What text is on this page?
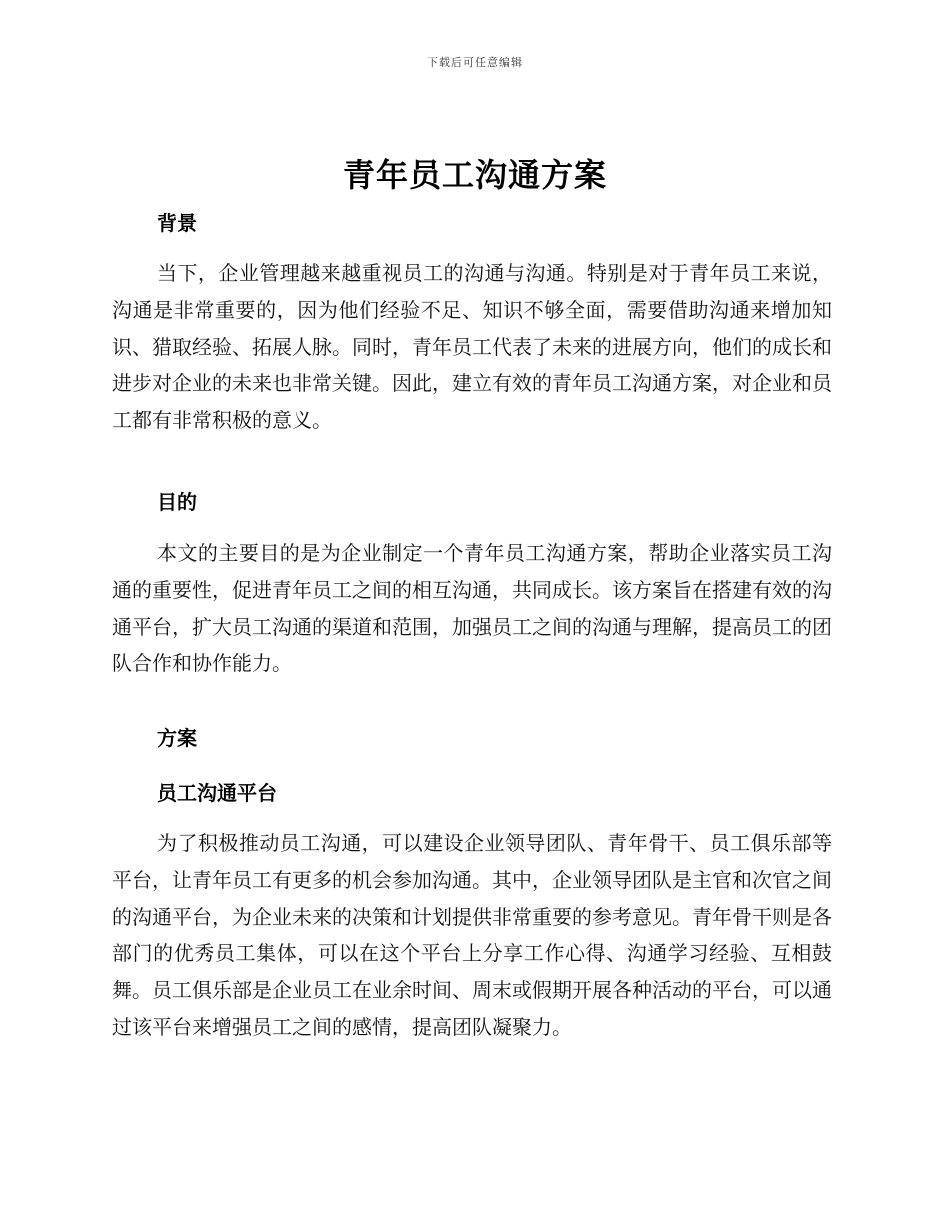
下载后可任意编辑
青年员工沟通方案
背景

当下，企业管理越来越重视员工的沟通与沟通。特别是对于青年员工来说，沟通是非常重要的，因为他们经验不足、知识不够全面，需要借助沟通来增加知识、猎取经验、拓展人脉。同时，青年员工代表了未来的进展方向，他们的成长和进步对企业的未来也非常关键。因此，建立有效的青年员工沟通方案，对企业和员工都有非常积极的意义。

目的

本文的主要目的是为企业制定一个青年员工沟通方案，帮助企业落实员工沟通的重要性，促进青年员工之间的相互沟通，共同成长。该方案旨在搭建有效的沟通平台，扩大员工沟通的渠道和范围，加强员工之间的沟通与理解，提高员工的团队合作和协作能力。

方案
员工沟通平台

为了积极推动员工沟通，可以建设企业领导团队、青年骨干、员工俱乐部等平台，让青年员工有更多的机会参加沟通。其中，企业领导团队是主官和次官之间的沟通平台，为企业未来的决策和计划提供非常重要的参考意见。青年骨干则是各部门的优秀员工集体，可以在这个平台上分享工作心得、沟通学习经验、互相鼓舞。员工俱乐部是企业员工在业余时间、周末或假期开展各种活动的平台，可以通过该平台来增强员工之间的感情，提高团队凝聚力。
